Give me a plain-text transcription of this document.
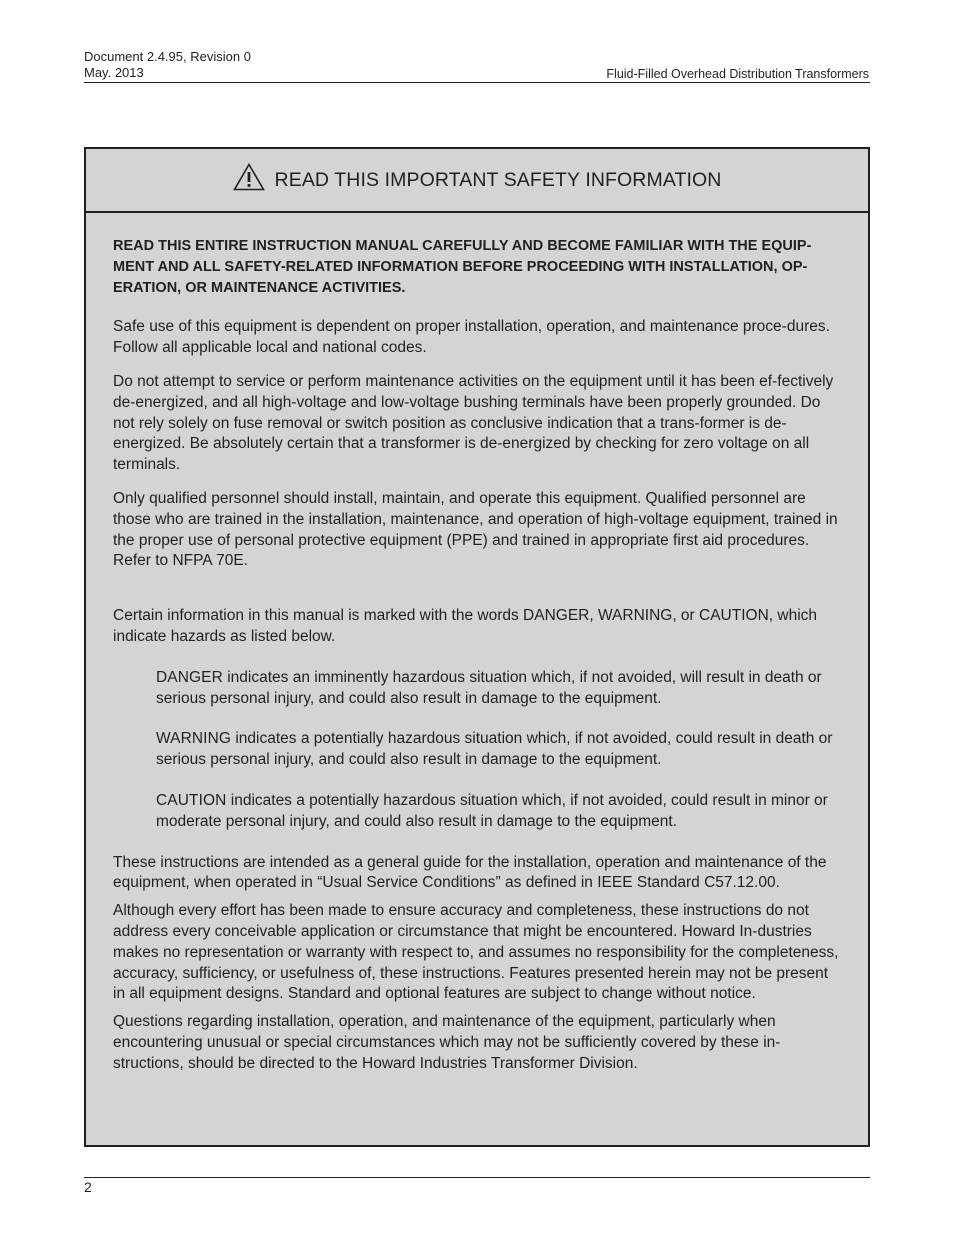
Document 2.4.95, Revision 0
May. 2013	Fluid-Filled Overhead Distribution Transformers
READ THIS IMPORTANT SAFETY INFORMATION

READ THIS ENTIRE INSTRUCTION MANUAL CAREFULLY AND BECOME FAMILIAR WITH THE EQUIP-MENT AND ALL SAFETY-RELATED INFORMATION BEFORE PROCEEDING WITH INSTALLATION, OP-ERATION, OR MAINTENANCE ACTIVITIES.

Safe use of this equipment is dependent on proper installation, operation, and maintenance proce-dures. Follow all applicable local and national codes.

Do not attempt to service or perform maintenance activities on the equipment until it has been ef-fectively de-energized, and all high-voltage and low-voltage bushing terminals have been properly grounded. Do not rely solely on fuse removal or switch position as conclusive indication that a trans-former is de-energized. Be absolutely certain that a transformer is de-energized by checking for zero voltage on all terminals.

Only qualified personnel should install, maintain, and operate this equipment. Qualified personnel are those who are trained in the installation, maintenance, and operation of high-voltage equipment, trained in the proper use of personal protective equipment (PPE) and trained in appropriate first aid procedures. Refer to NFPA 70E.

Certain information in this manual is marked with the words DANGER, WARNING, or CAUTION, which indicate hazards as listed below.

DANGER indicates an imminently hazardous situation which, if not avoided, will result in death or serious personal injury, and could also result in damage to the equipment.

WARNING indicates a potentially hazardous situation which, if not avoided, could result in death or serious personal injury, and could also result in damage to the equipment.

CAUTION indicates a potentially hazardous situation which, if not avoided, could result in minor or moderate personal injury, and could also result in damage to the equipment.

These instructions are intended as a general guide for the installation, operation and maintenance of the equipment, when operated in “Usual Service Conditions” as defined in IEEE Standard C57.12.00.

Although every effort has been made to ensure accuracy and completeness, these instructions do not address every conceivable application or circumstance that might be encountered. Howard In-dustries makes no representation or warranty with respect to, and assumes no responsibility for the completeness, accuracy, sufficiency, or usefulness of, these instructions. Features presented herein may not be present in all equipment designs. Standard and optional features are subject to change without notice.

Questions regarding installation, operation, and maintenance of the equipment, particularly when encountering unusual or special circumstances which may not be sufficiently covered by these in-structions, should be directed to the Howard Industries Transformer Division.

2
